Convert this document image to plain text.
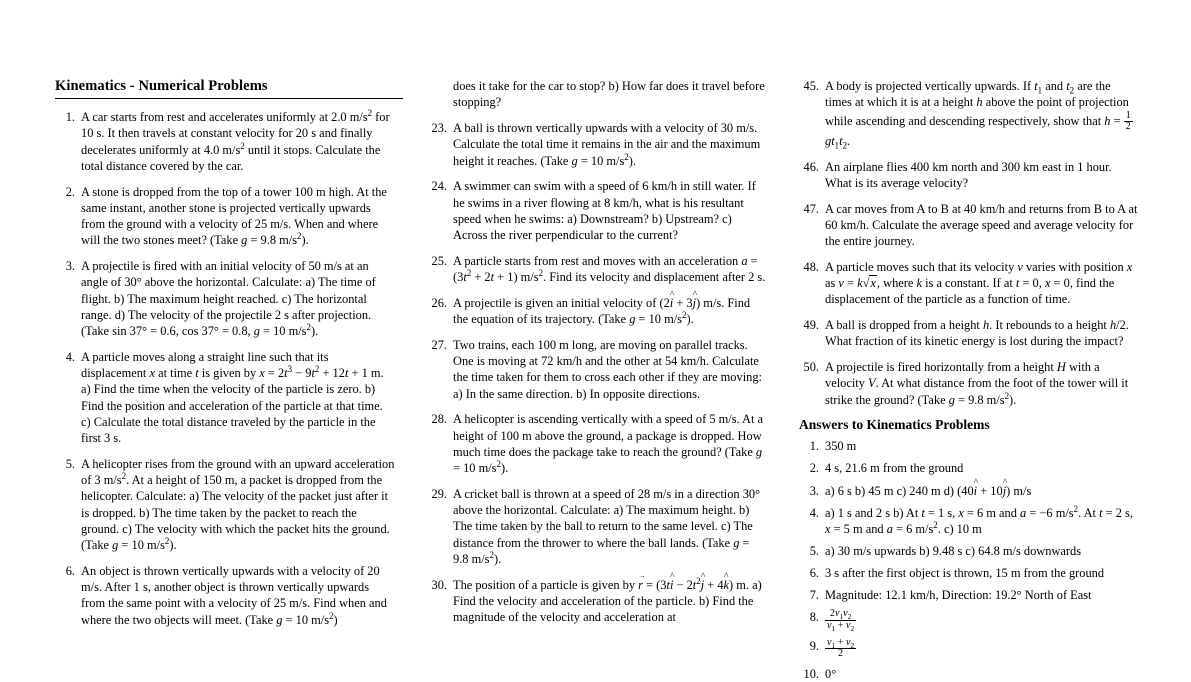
Kinematics - Numerical Problems
1. A car starts from rest and accelerates uniformly at 2.0 $m/s^2$ for 10 s. It then travels at constant velocity for 20 s and finally decelerates uniformly at 4.0 $m/s^2$ until it stops. Calculate the total distance covered by the car.
2. A stone is dropped from the top of a tower 100 m high. At the same instant, another stone is projected vertically upwards from the ground with a velocity of 25 m/s. When and where will the two stones meet? (Take g = 9.8 $m/s^2$).
3. A projectile is fired with an initial velocity of 50 m/s at an angle of 30° above the horizontal. Calculate: a) The time of flight. b) The maximum height reached. c) The horizontal range. d) The velocity of the projectile 2 s after projection. (Take sin 37° = 0.6, cos 37° = 0.8, g = 10 $m/s^2$).
4. A particle moves along a straight line such that its displacement x at time t is given by $x = 2t^3 - 9t^2 + 12t + 1$ m. a) Find the time when the velocity of the particle is zero. b) Find the position and acceleration of the particle at that time. c) Calculate the total distance traveled by the particle in the first 3 s.
5. A helicopter rises from the ground with an upward acceleration of 3 $m/s^2$. At a height of 150 m, a packet is dropped from the helicopter. Calculate: a) The velocity of the packet just after it is dropped. b) The time taken by the packet to reach the ground. c) The velocity with which the packet hits the ground. (Take g = 10 $m/s^2$).
6. An object is thrown vertically upwards with a velocity of 20 m/s. After 1 s, another object is thrown vertically upwards from the same point with a velocity of 25 m/s. Find when and where the two objects will meet. (Take g = 10 $m/s^2$)
does it take for the car to stop? b) How far does it travel before stopping?
23. A ball is thrown vertically upwards with a velocity of 30 m/s. Calculate the total time it remains in the air and the maximum height it reaches. (Take g = 10 $m/s^2$).
24. A swimmer can swim with a speed of 6 km/h in still water. If he swims in a river flowing at 8 km/h, what is his resultant speed when he swims: a) Downstream? b) Upstream? c) Across the river perpendicular to the current?
25. A particle starts from rest and moves with an acceleration $a = (3t^2 + 2t + 1)$ $m/s^2$. Find its velocity and displacement after 2 s.
26. A projectile is given an initial velocity of (2i ^ + 3j ^) m/s. Find the equation of its trajectory. (Take g = 10 $m/s^2$).
27. Two trains, each 100 m long, are moving on parallel tracks. One is moving at 72 km/h and the other at 54 km/h. Calculate the time taken for them to cross each other if they are moving: a) In the same direction. b) In opposite directions.
28. A helicopter is ascending vertically with a speed of 5 m/s. At a height of 100 m above the ground, a package is dropped. How much time does the package take to reach the ground? (Take g = 10 $m/s^2$).
29. A cricket ball is thrown at a speed of 28 m/s in a direction 30° above the horizontal. Calculate: a) The maximum height. b) The time taken by the ball to return to the same level. c) The distance from the thrower to where the ball lands. (Take g = 9.8 $m/s^2$).
30. The position of a particle is given by r → = (3ti ^ − $2t^2j$ ^ + 4k ^) m. a) Find the velocity and acceleration of the particle. b) Find the magnitude of the velocity and acceleration at
45. A body is projected vertically upwards. If $t_1$ and $t_2$ are the times at which it is at a height h above the point of projection while ascending and descending respectively, show that $h = \frac{1}{2}$
$gt_1t_2$.
46. An airplane flies 400 km north and 300 km east in 1 hour. What is its average velocity?
47. A car moves from A to B at 40 km/h and returns from B to A at 60 km/h. Calculate the average speed and average velocity for the entire journey.
48. A particle moves such that its velocity v varies with position x as v = k√x, where k is a constant. If at t = 0, x = 0, find the displacement of the particle as a function of time.
49. A ball is dropped from a height h. It rebounds to a height h/2. What fraction of its kinetic energy is lost during the impact?
50. A projectile is fired horizontally from a height H with a velocity V. At what distance from the foot of the tower will it strike the ground? (Take g = 9.8 $m/s^2$).
Answers to Kinematics Problems
1. 350 m
2. 4 s, 21.6 m from the ground
3. a) 6 s b) 45 m c) 240 m d) (40i ^ + 10j ^) m/s
4. a) 1 s and 2 s b) At t = 1 s, x = 6 m and a = −6 $m/s^2$. At t = 2 s, x = 5 m and a = 6 $m/s^2$. c) 10 m
5. a) 30 m/s upwards b) 9.48 s c) 64.8 m/s downwards
6. 3 s after the first object is thrown, 15 m from the ground
7. Magnitude: 12.1 km/h, Direction: 19.2° North of East
8. $\frac{2v_1v_2}{v_1 + v_2}$
9. $\frac{v_1 + v_2}{2}$
10. 0°
